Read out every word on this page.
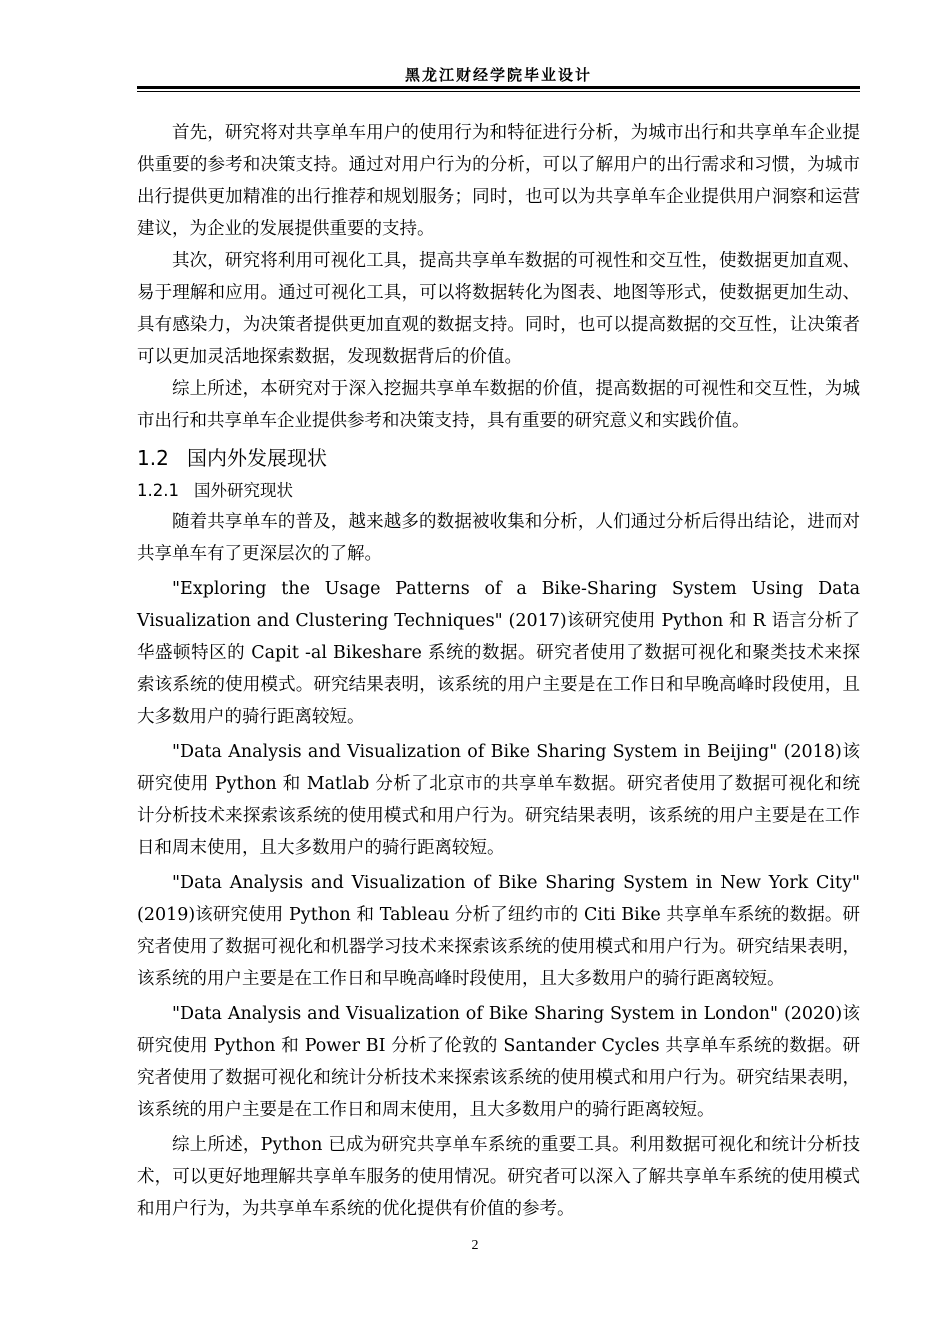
黑龙江财经学院毕业设计

首先，研究将对共享单车用户的使用行为和特征进行分析，为城市出行和共享单车企业提供重要的参考和决策支持。通过对用户行为的分析，可以了解用户的出行需求和习惯，为城市出行提供更加精准的出行推荐和规划服务；同时，也可以为共享单车企业提供用户洞察和运营建议，为企业的发展提供重要的支持。

其次，研究将利用可视化工具，提高共享单车数据的可视性和交互性，使数据更加直观、易于理解和应用。通过可视化工具，可以将数据转化为图表、地图等形式，使数据更加生动、具有感染力，为决策者提供更加直观的数据支持。同时，也可以提高数据的交互性，让决策者可以更加灵活地探索数据，发现数据背后的价值。

综上所述，本研究对于深入挖掘共享单车数据的价值，提高数据的可视性和交互性，为城市出行和共享单车企业提供参考和决策支持，具有重要的研究意义和实践价值。

1.2 国内外发展现状
1.2.1 国外研究现状

随着共享单车的普及，越来越多的数据被收集和分析，人们通过分析后得出结论，进而对共享单车有了更深层次的了解。

"Exploring the Usage Patterns of a Bike-Sharing System Using Data Visualization and Clustering Techniques" (2017)该研究使用 Python 和 R 语言分析了华盛顿特区的 Capit -al Bikeshare 系统的数据。研究者使用了数据可视化和聚类技术来探索该系统的使用模式。研究结果表明，该系统的用户主要是在工作日和早晚高峰时段使用，且大多数用户的骑行距离较短。

"Data Analysis and Visualization of Bike Sharing System in Beijing" (2018)该研究使用 Python 和 Matlab 分析了北京市的共享单车数据。研究者使用了数据可视化和统计分析技术来探索该系统的使用模式和用户行为。研究结果表明，该系统的用户主要是在工作日和周末使用，且大多数用户的骑行距离较短。

"Data Analysis and Visualization of Bike Sharing System in New York City" (2019)该研究使用 Python 和 Tableau 分析了纽约市的 Citi Bike 共享单车系统的数据。研究者使用了数据可视化和机器学习技术来探索该系统的使用模式和用户行为。研究结果表明，该系统的用户主要是在工作日和早晚高峰时段使用，且大多数用户的骑行距离较短。

"Data Analysis and Visualization of Bike Sharing System in London" (2020)该研究使用 Python 和 Power BI 分析了伦敦的 Santander Cycles 共享单车系统的数据。研究者使用了数据可视化和统计分析技术来探索该系统的使用模式和用户行为。研究结果表明，该系统的用户主要是在工作日和周末使用，且大多数用户的骑行距离较短。

综上所述，Python 已成为研究共享单车系统的重要工具。利用数据可视化和统计分析技术，可以更好地理解共享单车服务的使用情况。研究者可以深入了解共享单车系统的使用模式和用户行为，为共享单车系统的优化提供有价值的参考。

2
